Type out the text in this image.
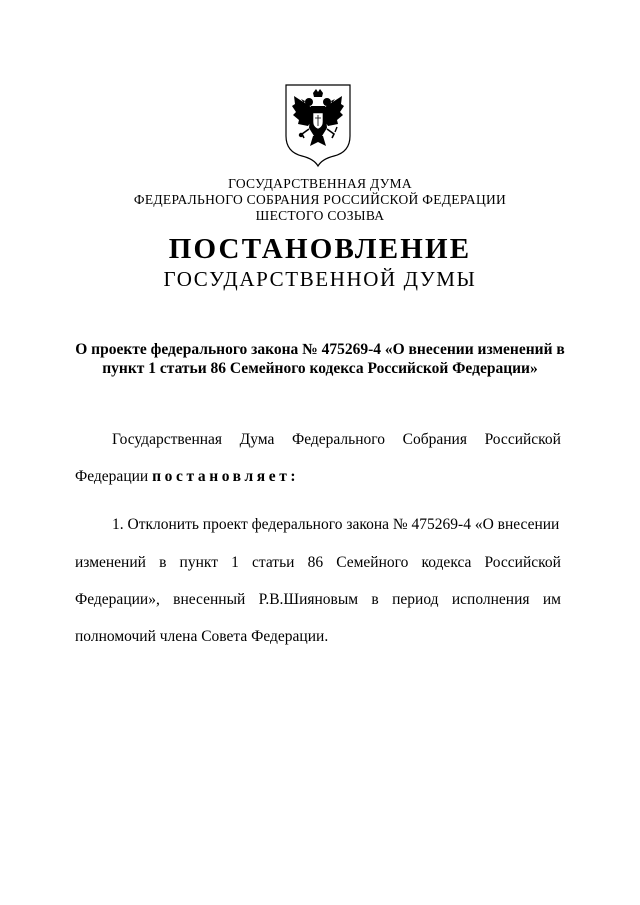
ГОСУДАРСТВЕННАЯ ДУМА
ФЕДЕРАЛЬНОГО СОБРАНИЯ РОССИЙСКОЙ ФЕДЕРАЦИИ
ШЕСТОГО СОЗЫВА
ПОСТАНОВЛЕНИЕ
ГОСУДАРСТВЕННОЙ ДУМЫ
О проекте федерального закона № 475269-4 «О внесении изменений в
пункт 1 статьи 86 Семейного кодекса Российской Федерации»
Государственная Дума Федерального Собрания Российской
Федерации постановляет:
1. Отклонить проект федерального закона № 475269-4 «О внесении
изменений в пункт 1 статьи 86 Семейного кодекса Российской
Федерации», внесенный Р.В.Шияновым в период исполнения им
полномочий члена Совета Федерации.
